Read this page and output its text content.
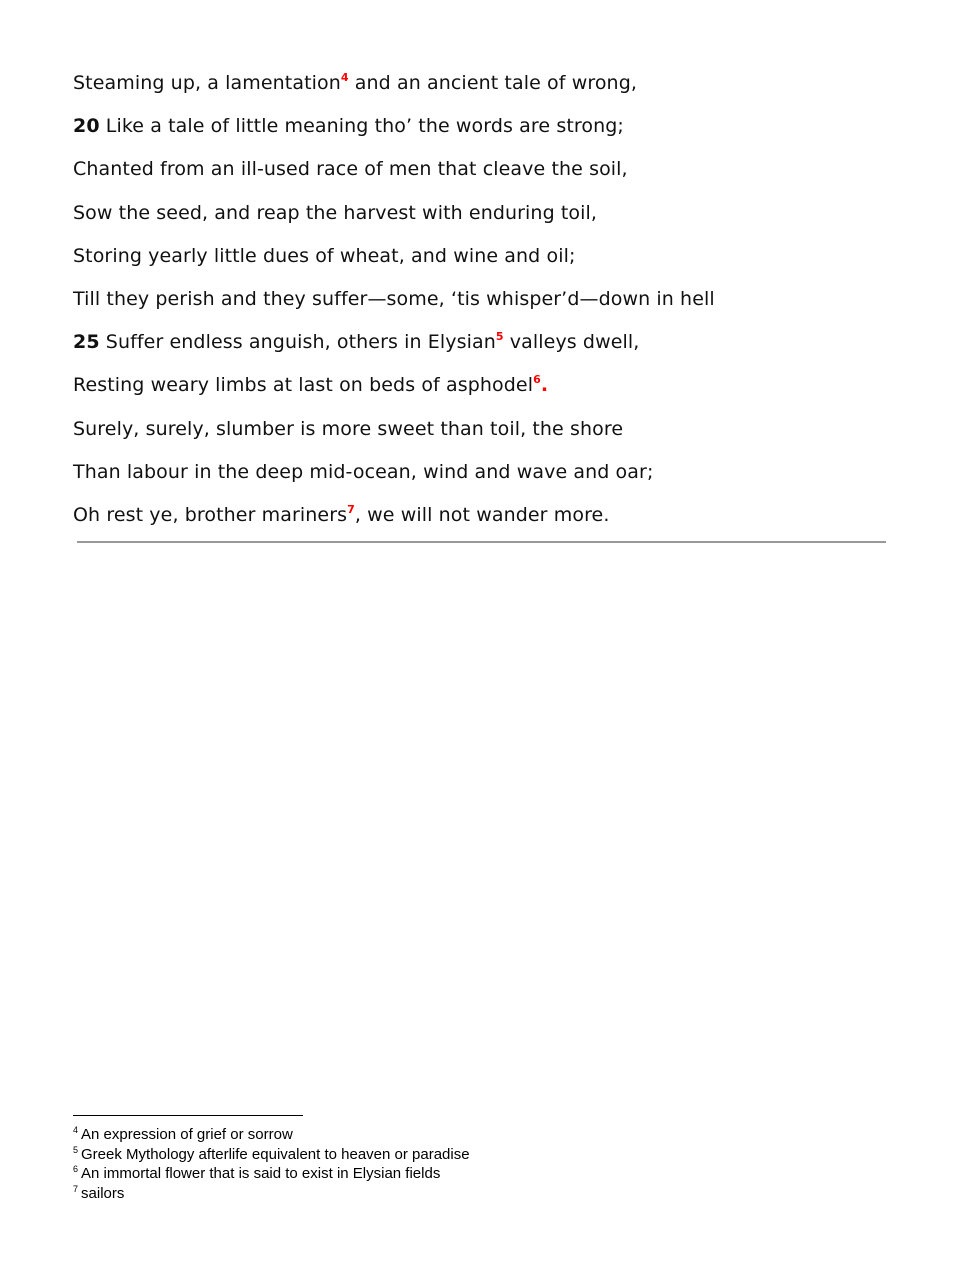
Steaming up, a lamentation$^4$ and an ancient tale of wrong,
20 Like a tale of little meaning tho’ the words are strong;
Chanted from an ill-used race of men that cleave the soil,
Sow the seed, and reap the harvest with enduring toil,
Storing yearly little dues of wheat, and wine and oil;
Till they perish and they suffer—some, ‘tis whisper’d—down in hell
25 Suffer endless anguish, others in Elysian$^5$ valleys dwell,
Resting weary limbs at last on beds of asphodel$^6$.
Surely, surely, slumber is more sweet than toil, the shore
Than labour in the deep mid-ocean, wind and wave and oar;
Oh rest ye, brother mariners$^7$, we will not wander more.
$^4$ An expression of grief or sorrow
$^5$ Greek Mythology afterlife equivalent to heaven or paradise
$^6$ An immortal flower that is said to exist in Elysian fields
$^7$ sailors
